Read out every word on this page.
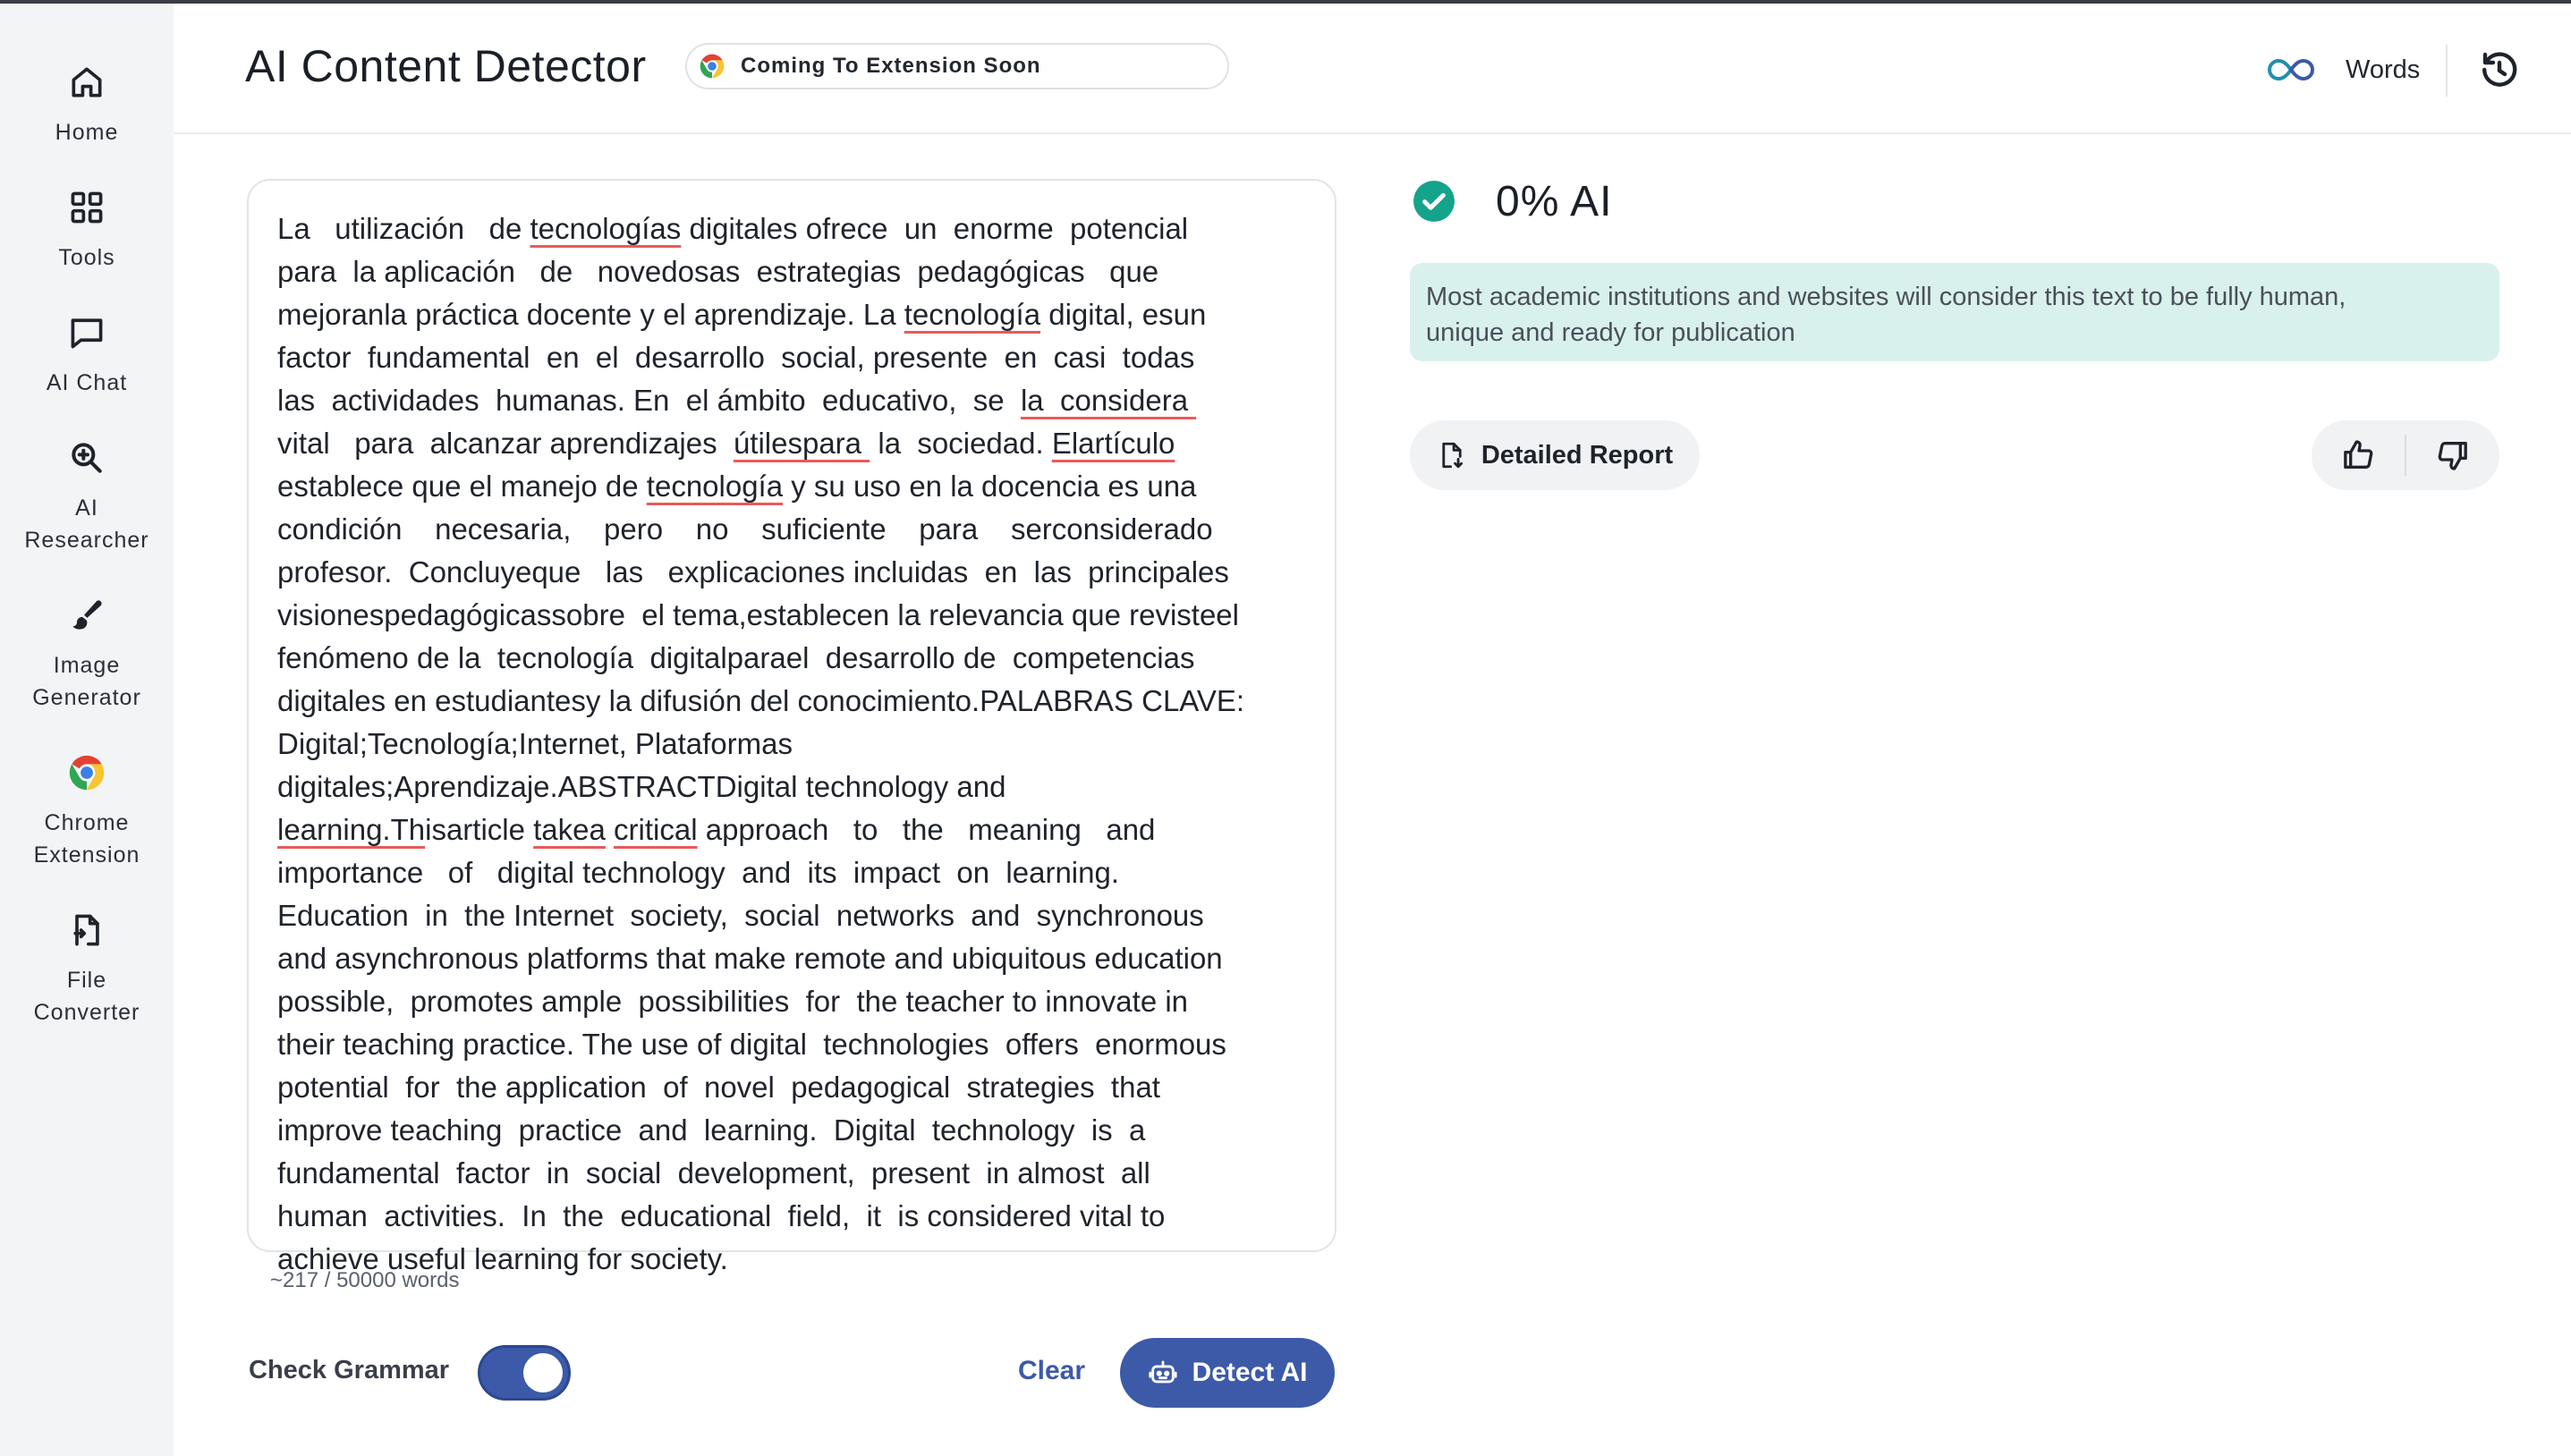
Home
Tools
AI Chat
AI
Researcher
Image
Generator
Chrome
Extension
File
Converter
AI Content Detector	Coming To Extension Soon	Words
La   utilización   de tecnologías digitales ofrece  un  enorme  potencial
para  la aplicación   de   novedosas  estrategias  pedagógicas   que
mejoranla práctica docente y el aprendizaje. La tecnología digital, esun
factor  fundamental  en  el  desarrollo  social, presente  en  casi  todas
las  actividades  humanas. En  el ámbito  educativo,  se  la  considera
vital   para  alcanzar aprendizajes  útilespara  la  sociedad. Elartículo
establece que el manejo de tecnología y su uso en la docencia es una
condición    necesaria,    pero    no    suficiente    para    serconsiderado
profesor.  Concluyeque   las   explicaciones incluidas  en  las  principales
visionespedagógicassobre  el tema,establecen la relevancia que revisteel
fenómeno de la  tecnología  digitalparael  desarrollo de  competencias
digitales en estudiantesy la difusión del conocimiento.PALABRAS CLAVE:
Digital;Tecnología;Internet, Plataformas
digitales;Aprendizaje.ABSTRACTDigital technology and
learning.Thisarticle takea critical approach   to   the   meaning   and
importance   of   digital technology  and  its  impact  on  learning.
Education  in  the Internet  society,  social  networks  and  synchronous
and asynchronous platforms that make remote and ubiquitous education
possible,  promotes ample  possibilities  for  the teacher to innovate in
their teaching practice. The use of digital  technologies  offers  enormous
potential  for  the application  of  novel  pedagogical  strategies  that
improve teaching  practice  and  learning.  Digital  technology  is  a
fundamental  factor  in  social  development,  present  in almost  all
human  activities.  In  the  educational  field,  it  is considered vital to
achieve useful learning for society.
~217 / 50000 words
Check Grammar	Clear	Detect AI
0% AI
Most academic institutions and websites will consider this text to be fully human,
unique and ready for publication
Detailed Report
